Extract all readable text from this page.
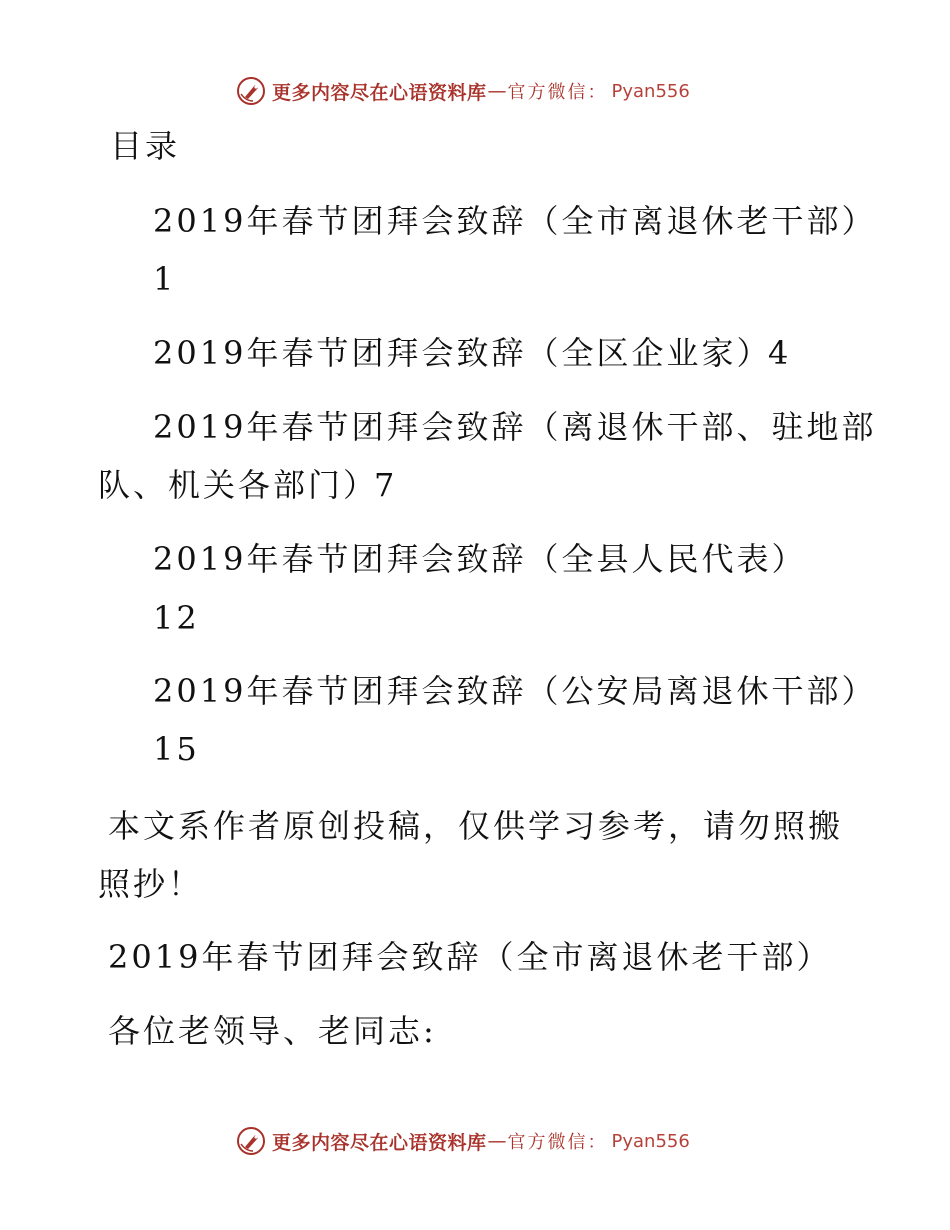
更多内容尽在心语资料库 — 官方微信： Pyan556
目录
2019年春节团拜会致辞（全市离退休老干部）
1
2019年春节团拜会致辞（全区企业家）
4
2019年春节团拜会致辞（离退休干部、驻地部
队、机关各部门）
7
2019年春节团拜会致辞（全县人民代表）
12
2019年春节团拜会致辞（公安局离退休干部）
15
本文系作者原创投稿，仅供学习参考，请勿照搬
照抄！
2019年春节团拜会致辞（全市离退休老干部）
各位老领导、老同志:
更多内容尽在心语资料库 — 官方微信： Pyan556
